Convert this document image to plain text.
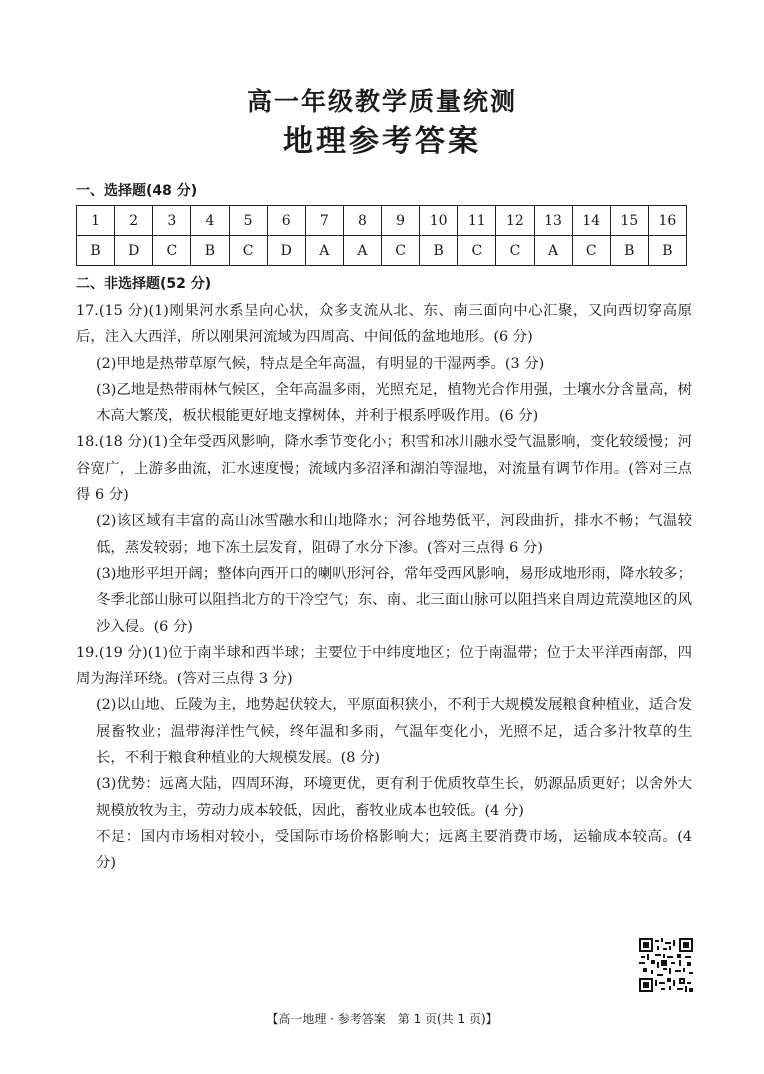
高一年级教学质量统测
地理参考答案
一、选择题(48 分)
1	2	3	4	5	6	7	8	9	10	11	12	13	14	15	16
B	D	C	B	C	D	A	A	C	B	C	C	A	C	B	B
二、非选择题(52 分)

17.(15 分)(1)刚果河水系呈向心状，众多支流从北、东、南三面向中心汇聚，又向西切穿高原后，注入大西洋，所以刚果河流域为四周高、中间低的盆地地形。(6 分)

(2)甲地是热带草原气候，特点是全年高温，有明显的干湿两季。(3 分)

(3)乙地是热带雨林气候区，全年高温多雨，光照充足，植物光合作用强，土壤水分含量高，树木高大繁茂，板状根能更好地支撑树体，并利于根系呼吸作用。(6 分)

18.(18 分)(1)全年受西风影响，降水季节变化小；积雪和冰川融水受气温影响，变化较缓慢；河谷宽广，上游多曲流，汇水速度慢；流域内多沼泽和湖泊等湿地，对流量有调节作用。(答对三点得 6 分)

(2)该区域有丰富的高山冰雪融水和山地降水；河谷地势低平，河段曲折，排水不畅；气温较低，蒸发较弱；地下冻土层发育，阻碍了水分下渗。(答对三点得 6 分)

(3)地形平坦开阔；整体向西开口的喇叭形河谷，常年受西风影响，易形成地形雨，降水较多；冬季北部山脉可以阻挡北方的干冷空气；东、南、北三面山脉可以阻挡来自周边荒漠地区的风沙入侵。(6 分)

19.(19 分)(1)位于南半球和西半球；主要位于中纬度地区；位于南温带；位于太平洋西南部，四周为海洋环绕。(答对三点得 3 分)

(2)以山地、丘陵为主，地势起伏较大，平原面积狭小，不利于大规模发展粮食种植业，适合发展畜牧业；温带海洋性气候，终年温和多雨，气温年变化小，光照不足，适合多汁牧草的生长，不利于粮食种植业的大规模发展。(8 分)

(3)优势：远离大陆，四周环海，环境更优，更有利于优质牧草生长，奶源品质更好；以舍外大规模放牧为主，劳动力成本较低，因此，畜牧业成本也较低。(4 分)

不足：国内市场相对较小，受国际市场价格影响大；远离主要消费市场，运输成本较高。(4 分)

【高一地理 · 参考答案　第 1 页(共 1 页)】
